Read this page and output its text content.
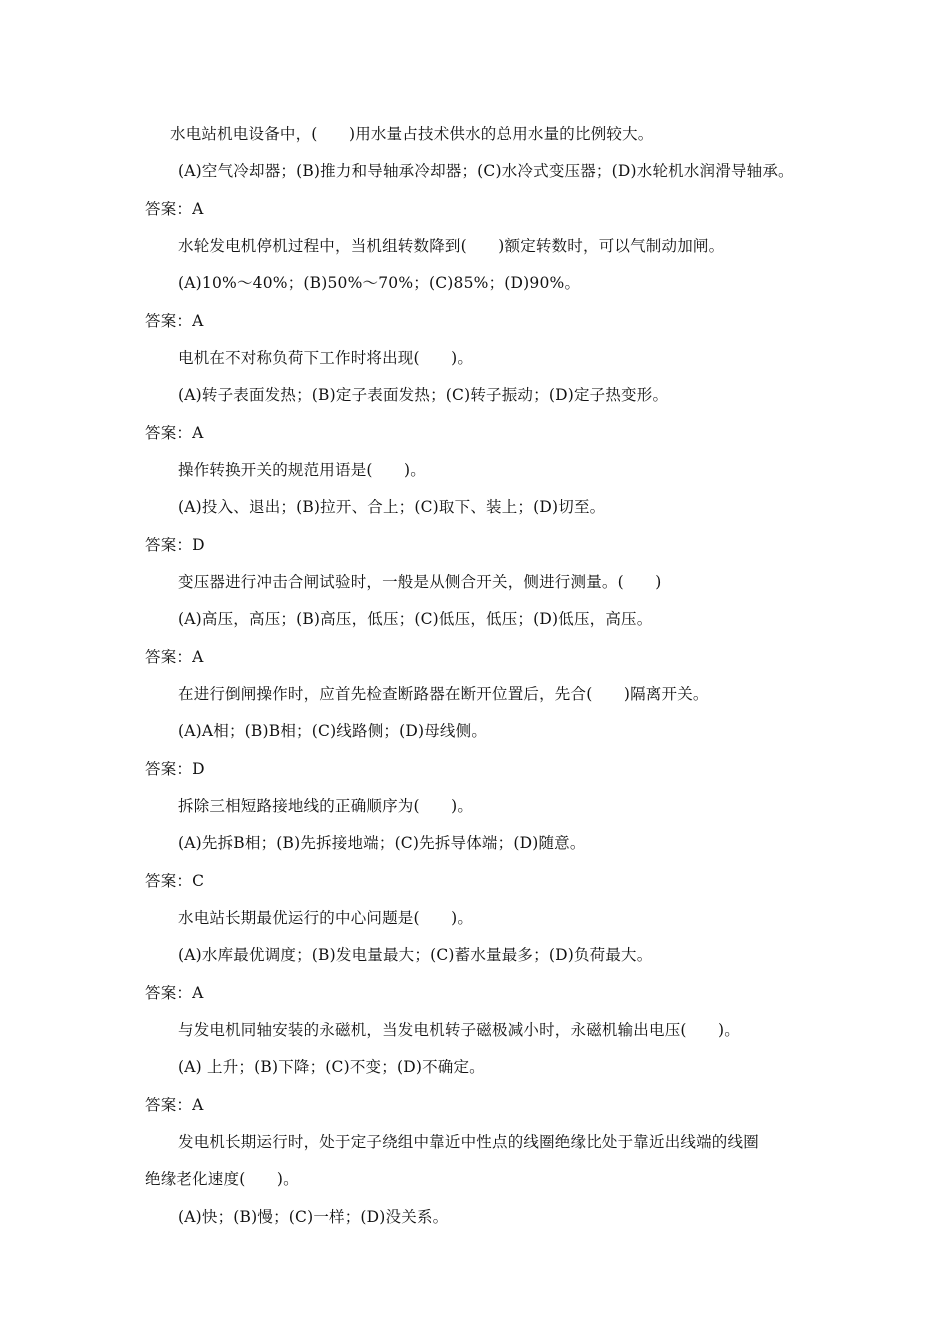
水电站机电设备中，(　　)用水量占技术供水的总用水量的比例较大。
(A)空气冷却器；(B)推力和导轴承冷却器；(C)水冷式变压器；(D)水轮机水润滑导轴承。
答案：A
水轮发电机停机过程中，当机组转数降到(　　)额定转数时，可以气制动加闸。
(A)10%～40%；(B)50%～70%；(C)85%；(D)90%。
答案：A
电机在不对称负荷下工作时将出现(　　)。
(A)转子表面发热；(B)定子表面发热；(C)转子振动；(D)定子热变形。
答案：A
操作转换开关的规范用语是(　　)。
(A)投入、退出；(B)拉开、合上；(C)取下、装上；(D)切至。
答案：D
变压器进行冲击合闸试验时，一般是从侧合开关，侧进行测量。(　　)
(A)高压，高压；(B)高压，低压；(C)低压，低压；(D)低压，高压。
答案：A
在进行倒闸操作时，应首先检查断路器在断开位置后，先合(　　)隔离开关。
(A)A相；(B)B相；(C)线路侧；(D)母线侧。
答案：D
拆除三相短路接地线的正确顺序为(　　)。
(A)先拆B相；(B)先拆接地端；(C)先拆导体端；(D)随意。
答案：C
水电站长期最优运行的中心问题是(　　)。
(A)水库最优调度；(B)发电量最大；(C)蓄水量最多；(D)负荷最大。
答案：A
与发电机同轴安装的永磁机，当发电机转子磁极减小时，永磁机输出电压(　　)。
(A) 上升；(B)下降；(C)不变；(D)不确定。
答案：A
发电机长期运行时，处于定子绕组中靠近中性点的线圈绝缘比处于靠近出线端的线圈
绝缘老化速度(　　)。
(A)快；(B)慢；(C)一样；(D)没关系。
